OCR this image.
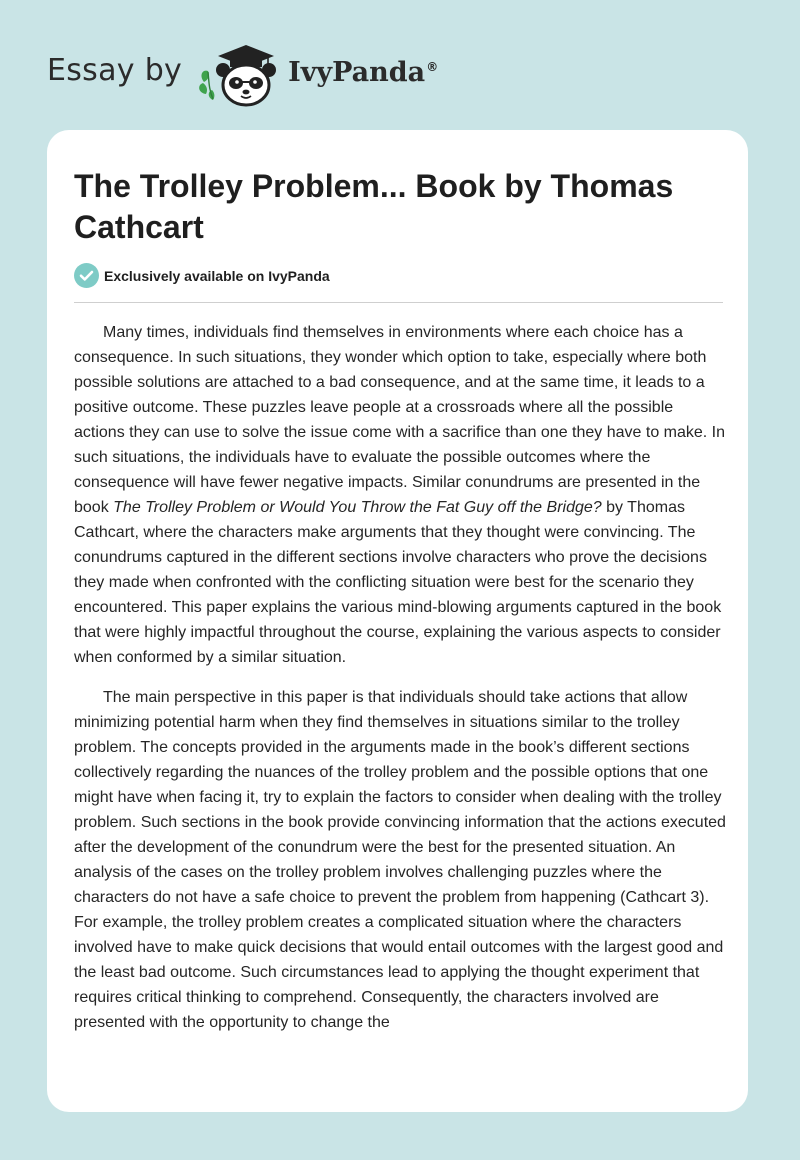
Essay by	IvyPanda®
The Trolley Problem... Book by Thomas Cathcart
Exclusively available on IvyPanda

Many times, individuals find themselves in environments where each choice has a consequence. In such situations, they wonder which option to take, especially where both possible solutions are attached to a bad consequence, and at the same time, it leads to a positive outcome. These puzzles leave people at a crossroads where all the possible actions they can use to solve the issue come with a sacrifice than one they have to make. In such situations, the individuals have to evaluate the possible outcomes where the consequence will have fewer negative impacts. Similar conundrums are presented in the book The Trolley Problem or Would You Throw the Fat Guy off the Bridge? by Thomas Cathcart, where the characters make arguments that they thought were convincing. The conundrums captured in the different sections involve characters who prove the decisions they made when confronted with the conflicting situation were best for the scenario they encountered. This paper explains the various mind-blowing arguments captured in the book that were highly impactful throughout the course, explaining the various aspects to consider when conformed by a similar situation.

The main perspective in this paper is that individuals should take actions that allow minimizing potential harm when they find themselves in situations similar to the trolley problem. The concepts provided in the arguments made in the book’s different sections collectively regarding the nuances of the trolley problem and the possible options that one might have when facing it, try to explain the factors to consider when dealing with the trolley problem. Such sections in the book provide convincing information that the actions executed after the development of the conundrum were the best for the presented situation. An analysis of the cases on the trolley problem involves challenging puzzles where the characters do not have a safe choice to prevent the problem from happening (Cathcart 3). For example, the trolley problem creates a complicated situation where the characters involved have to make quick decisions that would entail outcomes with the largest good and the least bad outcome. Such circumstances lead to applying the thought experiment that requires critical thinking to comprehend. Consequently, the characters involved are presented with the opportunity to change the
